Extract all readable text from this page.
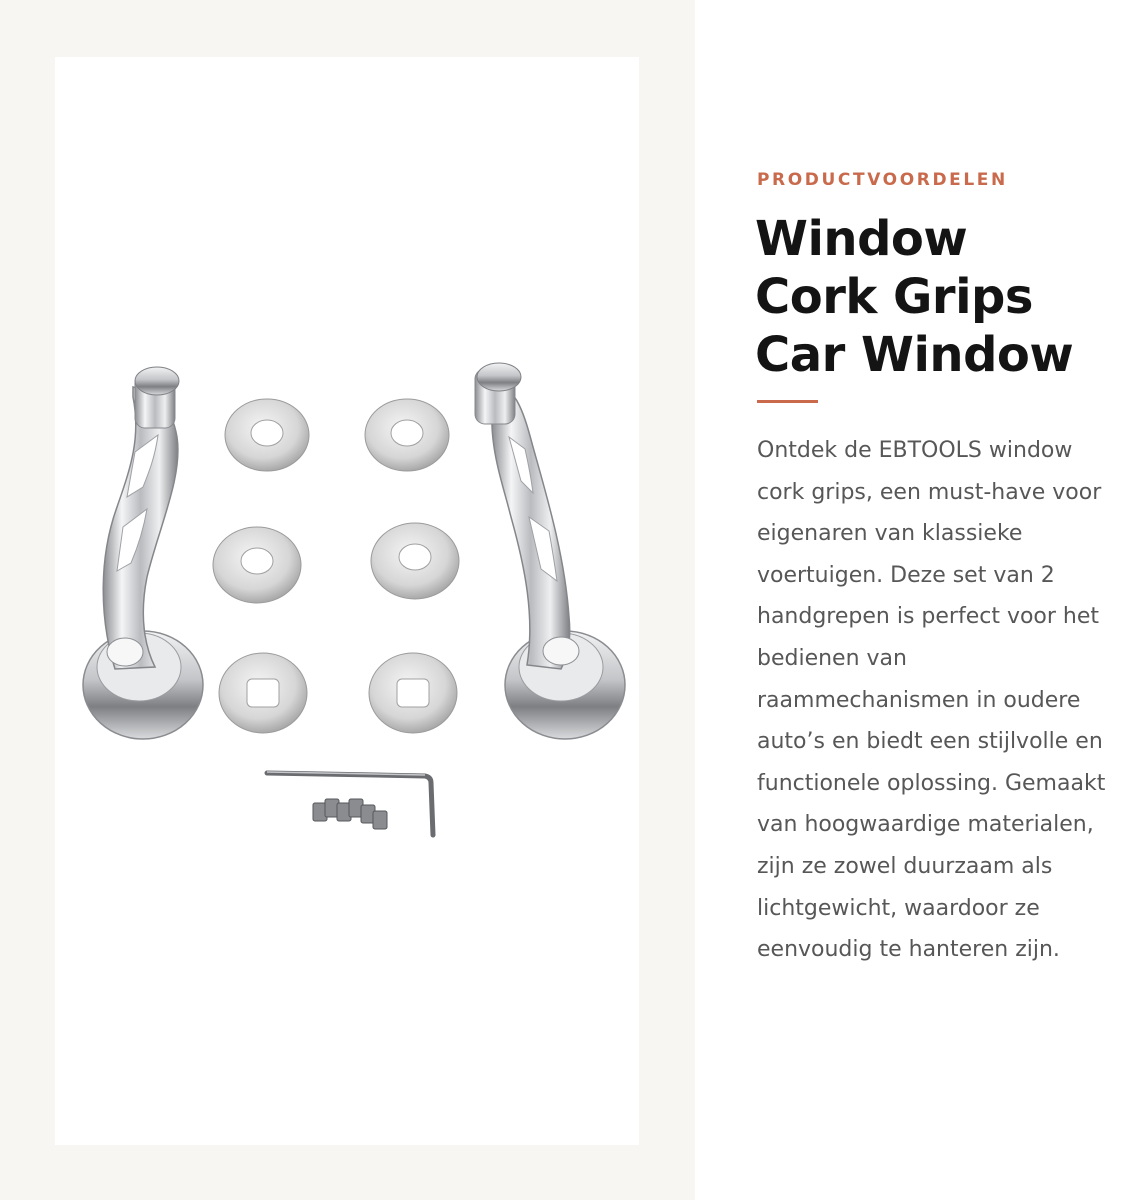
PRODUCTVOORDELEN
Window
Cork Grips
Car Window

Ontdek de EBTOOLS window cork grips, een must-have voor eigenaren van klassieke voertuigen. Deze set van 2 handgrepen is perfect voor het bedienen van raammechanismen in oudere auto’s en biedt een stijlvolle en functionele oplossing. Gemaakt van hoogwaardige materialen, zijn ze zowel duurzaam als lichtgewicht, waardoor ze eenvoudig te hanteren zijn.
